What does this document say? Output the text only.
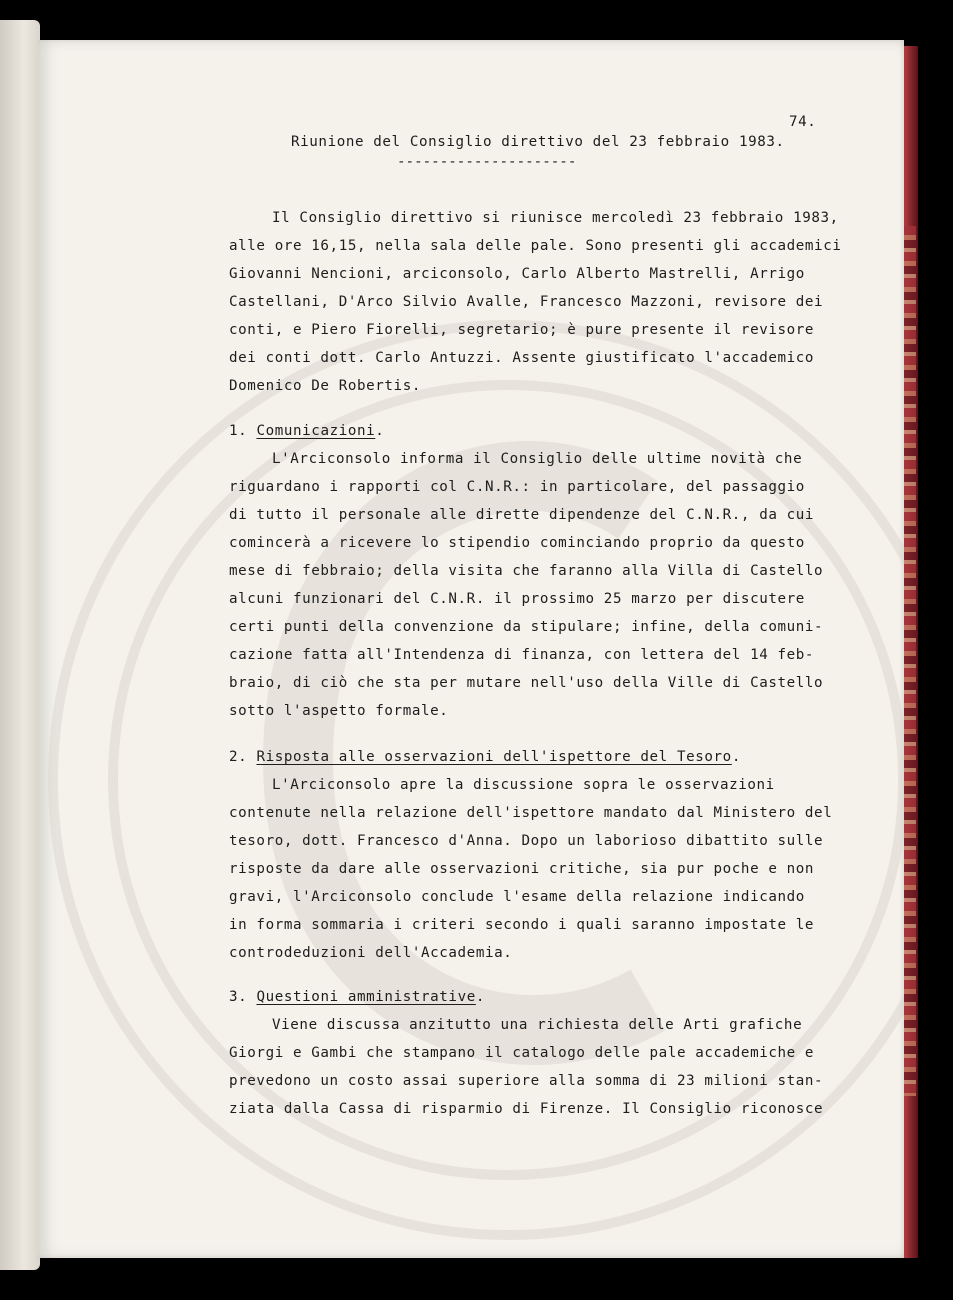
74.
Riunione del Consiglio direttivo del 23 febbraio 1983.
---------------------
Il Consiglio direttivo si riunisce mercoledì 23 febbraio 1983,
alle ore 16,15, nella sala delle pale. Sono presenti gli accademici
Giovanni Nencioni, arciconsolo, Carlo Alberto Mastrelli, Arrigo
Castellani, D'Arco Silvio Avalle, Francesco Mazzoni, revisore dei
conti, e Piero Fiorelli, segretario; è pure presente il revisore
dei conti dott. Carlo Antuzzi. Assente giustificato l'accademico
Domenico De Robertis.
1. Comunicazioni.
L'Arciconsolo informa il Consiglio delle ultime novità che
riguardano i rapporti col C.N.R.: in particolare, del passaggio
di tutto il personale alle dirette dipendenze del C.N.R., da cui
comincerà a ricevere lo stipendio cominciando proprio da questo
mese di febbraio; della visita che faranno alla Villa di Castello
alcuni funzionari del C.N.R. il prossimo 25 marzo per discutere
certi punti della convenzione da stipulare; infine, della comuni-
cazione fatta all'Intendenza di finanza, con lettera del 14 feb-
braio, di ciò che sta per mutare nell'uso della Ville di Castello
sotto l'aspetto formale.
2. Risposta alle osservazioni dell'ispettore del Tesoro.
L'Arciconsolo apre la discussione sopra le osservazioni
contenute nella relazione dell'ispettore mandato dal Ministero del
tesoro, dott. Francesco d'Anna. Dopo un laborioso dibattito sulle
risposte da dare alle osservazioni critiche, sia pur poche e non
gravi, l'Arciconsolo conclude l'esame della relazione indicando
in forma sommaria i criteri secondo i quali saranno impostate le
controdeduzioni dell'Accademia.
3. Questioni amministrative.
Viene discussa anzitutto una richiesta delle Arti grafiche
Giorgi e Gambi che stampano il catalogo delle pale accademiche e
prevedono un costo assai superiore alla somma di 23 milioni stan-
ziata dalla Cassa di risparmio di Firenze. Il Consiglio riconosce
